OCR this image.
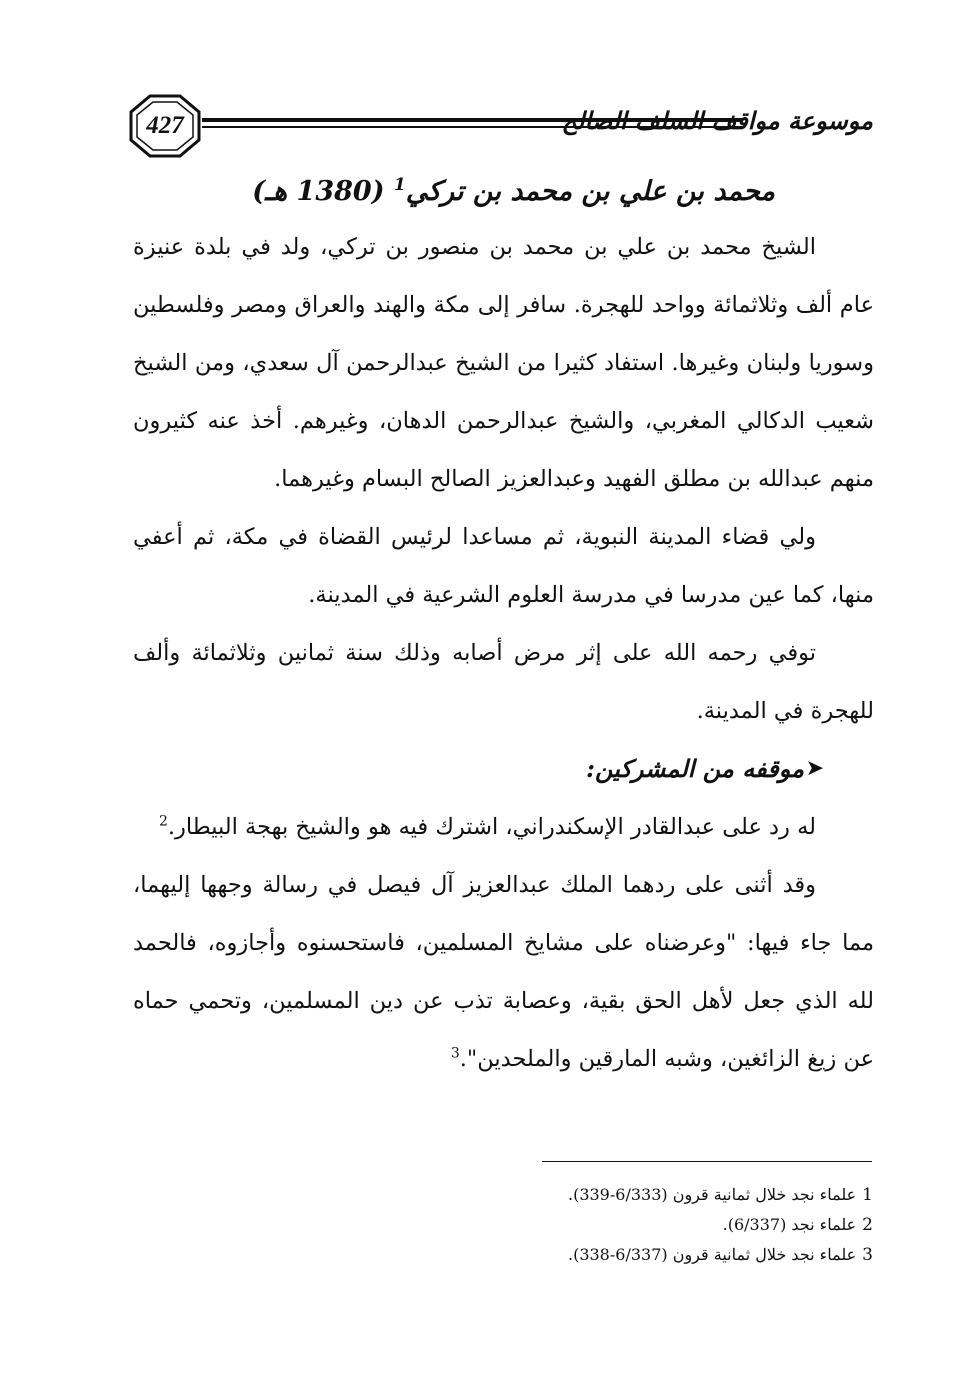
427	موسوعة مواقف السلف الصالح
محمد بن علي بن محمد بن تركي$^1$ (1380 هـ)

الشيخ محمد بن علي بن محمد بن منصور بن تركي، ولد في بلدة عنيزة عام ألف وثلاثمائة وواحد للهجرة. سافر إلى مكة والهند والعراق ومصر وفلسطين وسوريا ولبنان وغيرها. استفاد كثيرا من الشيخ عبدالرحمن آل سعدي، ومن الشيخ شعيب الدكالي المغربي، والشيخ عبدالرحمن الدهان، وغيرهم. أخذ عنه كثيرون منهم عبدالله بن مطلق الفهيد وعبدالعزيز الصالح البسام وغيرهما.

ولي قضاء المدينة النبوية، ثم مساعدا لرئيس القضاة في مكة، ثم أعفي منها، كما عين مدرسا في مدرسة العلوم الشرعية في المدينة.

توفي رحمه الله على إثر مرض أصابه وذلك سنة ثمانين وثلاثمائة وألف للهجرة في المدينة.

➤
موقفه من المشركين:

له رد على عبدالقادر الإسكندراني، اشترك فيه هو والشيخ بهجة البيطار.$^2$

وقد أثنى على ردهما الملك عبدالعزيز آل فيصل في رسالة وجهها إليهما، مما جاء فيها: "وعرضناه على مشايخ المسلمين، فاستحسنوه وأجازوه، فالحمد لله الذي جعل لأهل الحق بقية، وعصابة تذب عن دين المسلمين، وتحمي حماه عن زيغ الزائغين، وشبه المارقين والملحدين".$^3$

1علماء نجد خلال ثمانية قرون (6/333-339).
2علماء نجد (6/337).
3علماء نجد خلال ثمانية قرون (6/337-338).
